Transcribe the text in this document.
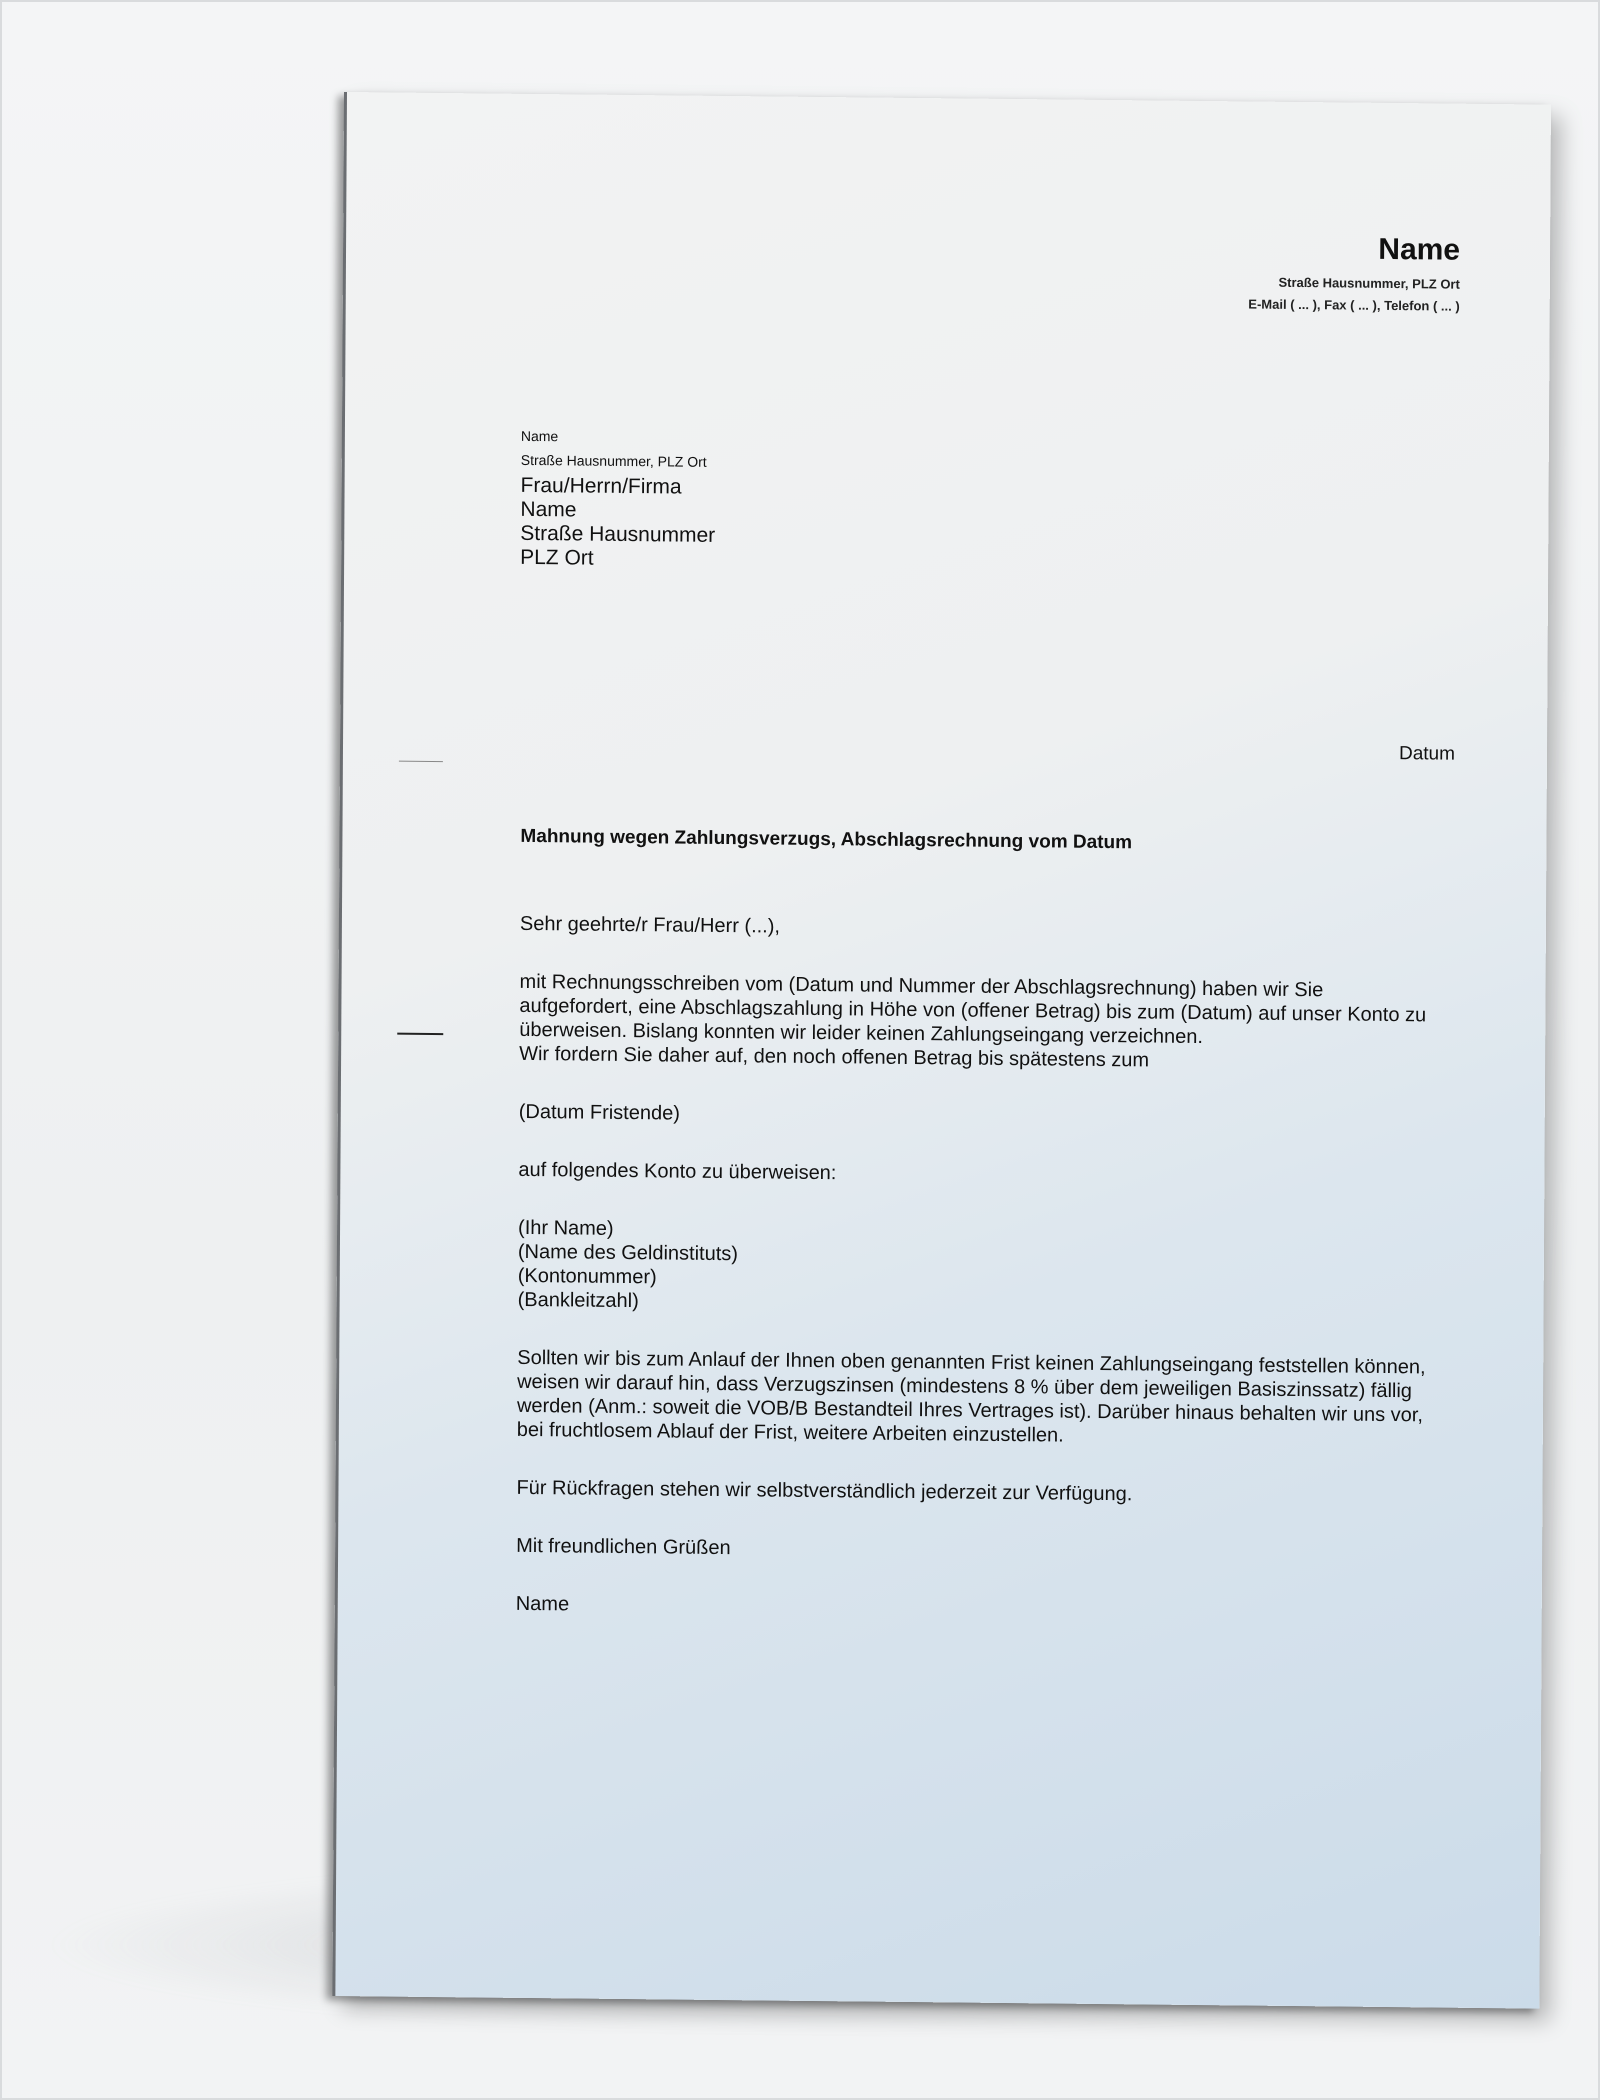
Name
Straße Hausnummer, PLZ Ort
E-Mail ( ... ), Fax ( ... ), Telefon ( ... )
Name
Straße Hausnummer, PLZ Ort
Frau/Herrn/Firma
Name
Straße Hausnummer
PLZ Ort
Datum
Mahnung wegen Zahlungsverzugs, Abschlagsrechnung vom Datum

Sehr geehrte/r Frau/Herr (...),

mit Rechnungsschreiben vom (Datum und Nummer der Abschlagsrechnung) haben wir Sie

aufgefordert, eine Abschlagszahlung in Höhe von (offener Betrag) bis zum (Datum) auf unser Konto zu

überweisen. Bislang konnten wir leider keinen Zahlungseingang verzeichnen.

Wir fordern Sie daher auf, den noch offenen Betrag bis spätestens zum

(Datum Fristende)

auf folgendes Konto zu überweisen:

(Ihr Name)

(Name des Geldinstituts)

(Kontonummer)

(Bankleitzahl)

Sollten wir bis zum Anlauf der Ihnen oben genannten Frist keinen Zahlungseingang feststellen können,

weisen wir darauf hin, dass Verzugszinsen (mindestens 8 % über dem jeweiligen Basiszinssatz) fällig

werden (Anm.: soweit die VOB/B Bestandteil Ihres Vertrages ist). Darüber hinaus behalten wir uns vor,

bei fruchtlosem Ablauf der Frist, weitere Arbeiten einzustellen.

Für Rückfragen stehen wir selbstverständlich jederzeit zur Verfügung.

Mit freundlichen Grüßen

Name
